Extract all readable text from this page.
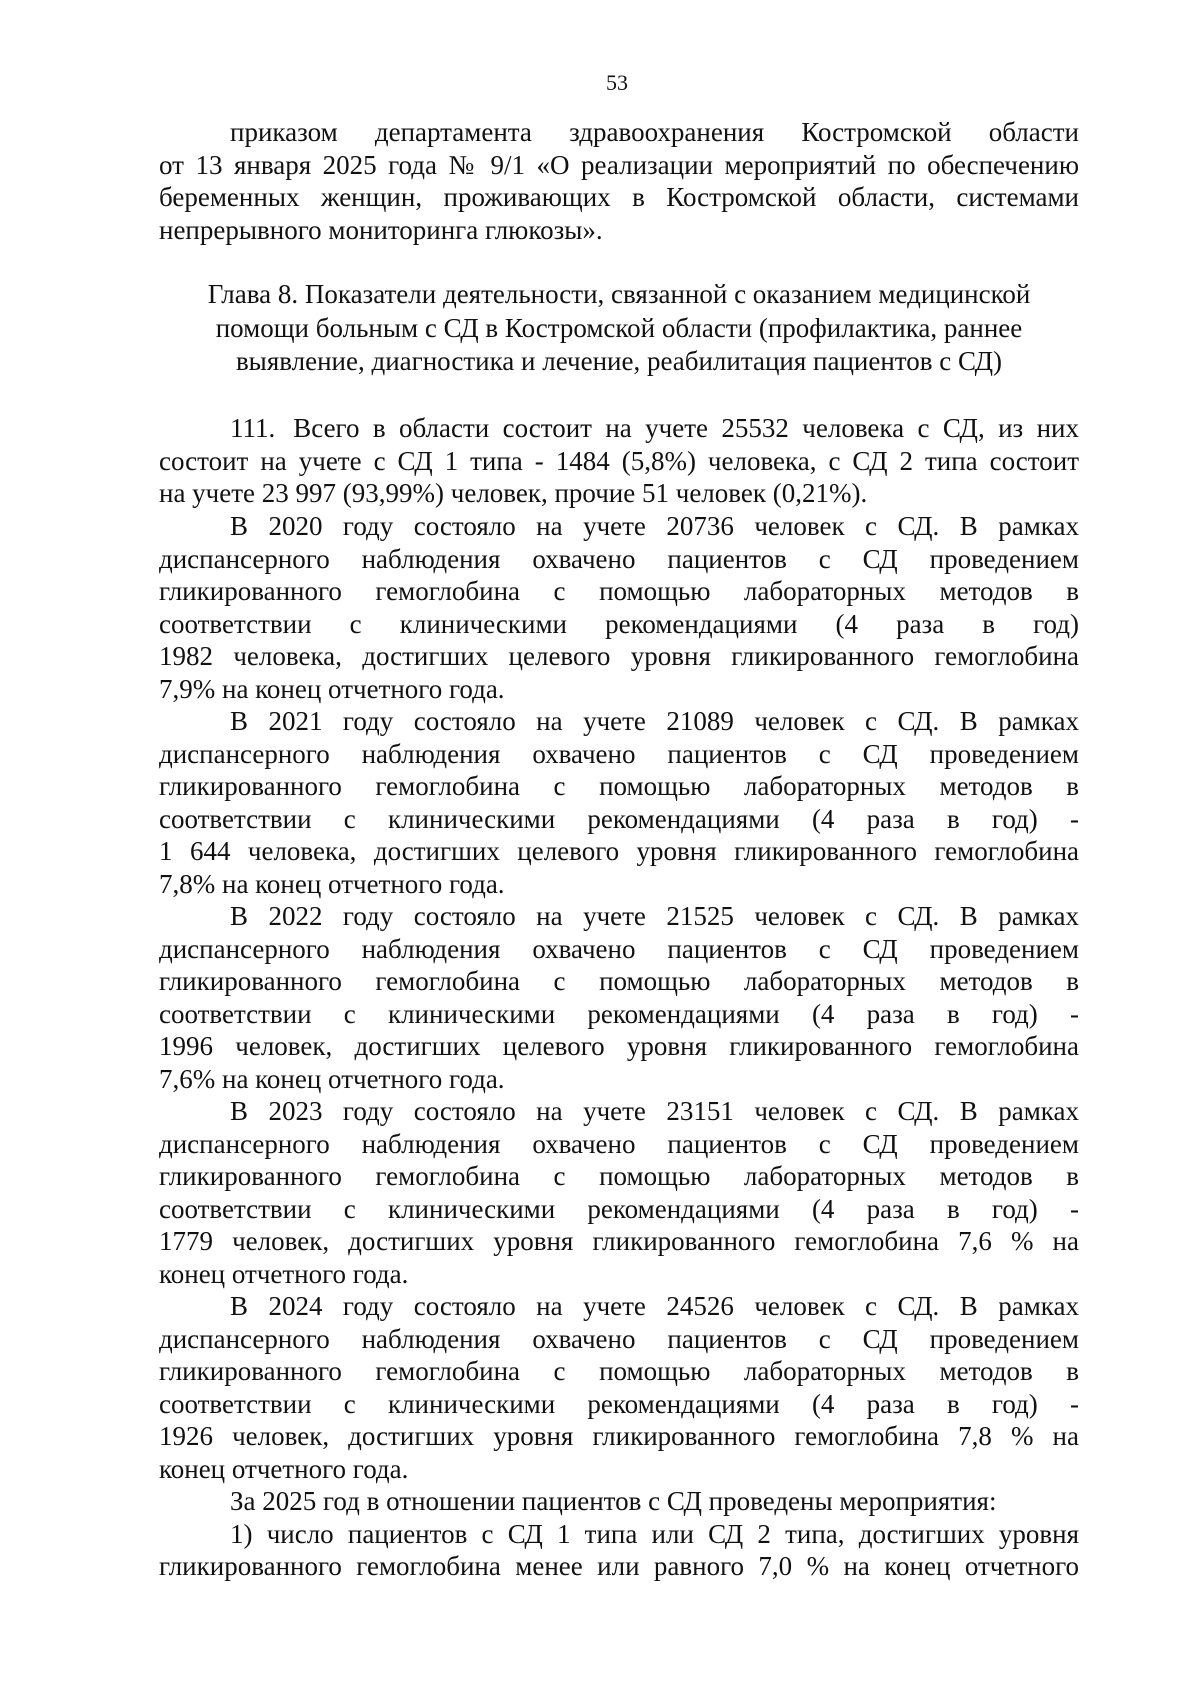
53
приказом департамента здравоохранения Костромской области
от 13 января 2025 года № 9/1 «О реализации мероприятий по обеспечению
беременных женщин, проживающих в Костромской области, системами
непрерывного мониторинга глюкозы».
Глава 8. Показатели деятельности, связанной с оказанием медицинской
помощи больным с СД в Костромской области (профилактика, раннее
выявление, диагностика и лечение, реабилитация пациентов с СД)
111. Всего в области состоит на учете 25532 человека с СД, из них
состоит на учете с СД 1 типа - 1484 (5,8%) человека, с СД 2 типа состоит
на учете 23 997 (93,99%) человек, прочие 51 человек (0,21%).
В 2020 году состояло на учете 20736 человек с СД. В рамках
диспансерного наблюдения охвачено пациентов с СД проведением
гликированного гемоглобина с помощью лабораторных методов в
соответствии с клиническими рекомендациями (4 раза в год)
1982 человека, достигших целевого уровня гликированного гемоглобина
7,9% на конец отчетного года.
В 2021 году состояло на учете 21089 человек с СД. В рамках
диспансерного наблюдения охвачено пациентов с СД проведением
гликированного гемоглобина с помощью лабораторных методов в
соответствии с клиническими рекомендациями (4 раза в год) -
1 644 человека, достигших целевого уровня гликированного гемоглобина
7,8% на конец отчетного года.
В 2022 году состояло на учете 21525 человек с СД. В рамках
диспансерного наблюдения охвачено пациентов с СД проведением
гликированного гемоглобина с помощью лабораторных методов в
соответствии с клиническими рекомендациями (4 раза в год) -
1996 человек, достигших целевого уровня гликированного гемоглобина
7,6% на конец отчетного года.
В 2023 году состояло на учете 23151 человек с СД. В рамках
диспансерного наблюдения охвачено пациентов с СД проведением
гликированного гемоглобина с помощью лабораторных методов в
соответствии с клиническими рекомендациями (4 раза в год) -
1779 человек, достигших уровня гликированного гемоглобина 7,6 % на
конец отчетного года.
В 2024 году состояло на учете 24526 человек с СД. В рамках
диспансерного наблюдения охвачено пациентов с СД проведением
гликированного гемоглобина с помощью лабораторных методов в
соответствии с клиническими рекомендациями (4 раза в год) -
1926 человек, достигших уровня гликированного гемоглобина 7,8 % на
конец отчетного года.
За 2025 год в отношении пациентов с СД проведены мероприятия:
1) число пациентов с СД 1 типа или СД 2 типа, достигших уровня
гликированного гемоглобина менее или равного 7,0 % на конец отчетного
